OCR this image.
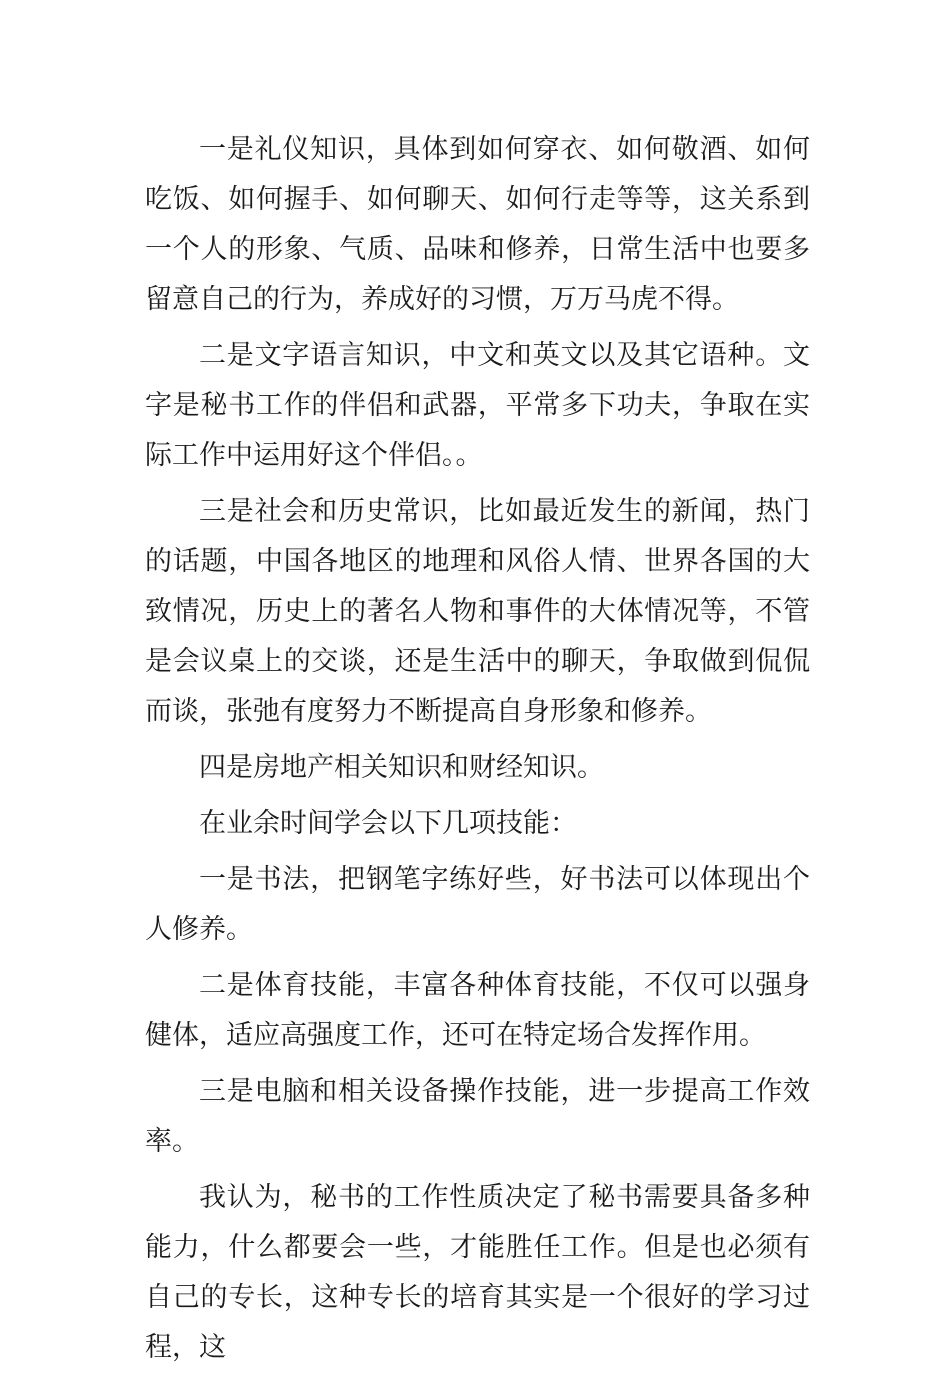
一是礼仪知识，具体到如何穿衣、如何敬酒、如何吃饭、如何握手、如何聊天、如何行走等等，这关系到一个人的形象、气质、品味和修养，日常生活中也要多留意自己的行为，养成好的习惯，万万马虎不得。

二是文字语言知识，中文和英文以及其它语种。文字是秘书工作的伴侣和武器，平常多下功夫，争取在实际工作中运用好这个伴侣。。

三是社会和历史常识，比如最近发生的新闻，热门的话题，中国各地区的地理和风俗人情、世界各国的大致情况，历史上的著名人物和事件的大体情况等，不管是会议桌上的交谈，还是生活中的聊天，争取做到侃侃而谈，张弛有度努力不断提高自身形象和修养。

四是房地产相关知识和财经知识。

在业余时间学会以下几项技能：

一是书法，把钢笔字练好些，好书法可以体现出个人修养。

二是体育技能，丰富各种体育技能，不仅可以强身健体，适应高强度工作，还可在特定场合发挥作用。

三是电脑和相关设备操作技能，进一步提高工作效率。

我认为，秘书的工作性质决定了秘书需要具备多种能力，什么都要会一些，才能胜任工作。但是也必须有自己的专长，这种专长的培育其实是一个很好的学习过程，这
